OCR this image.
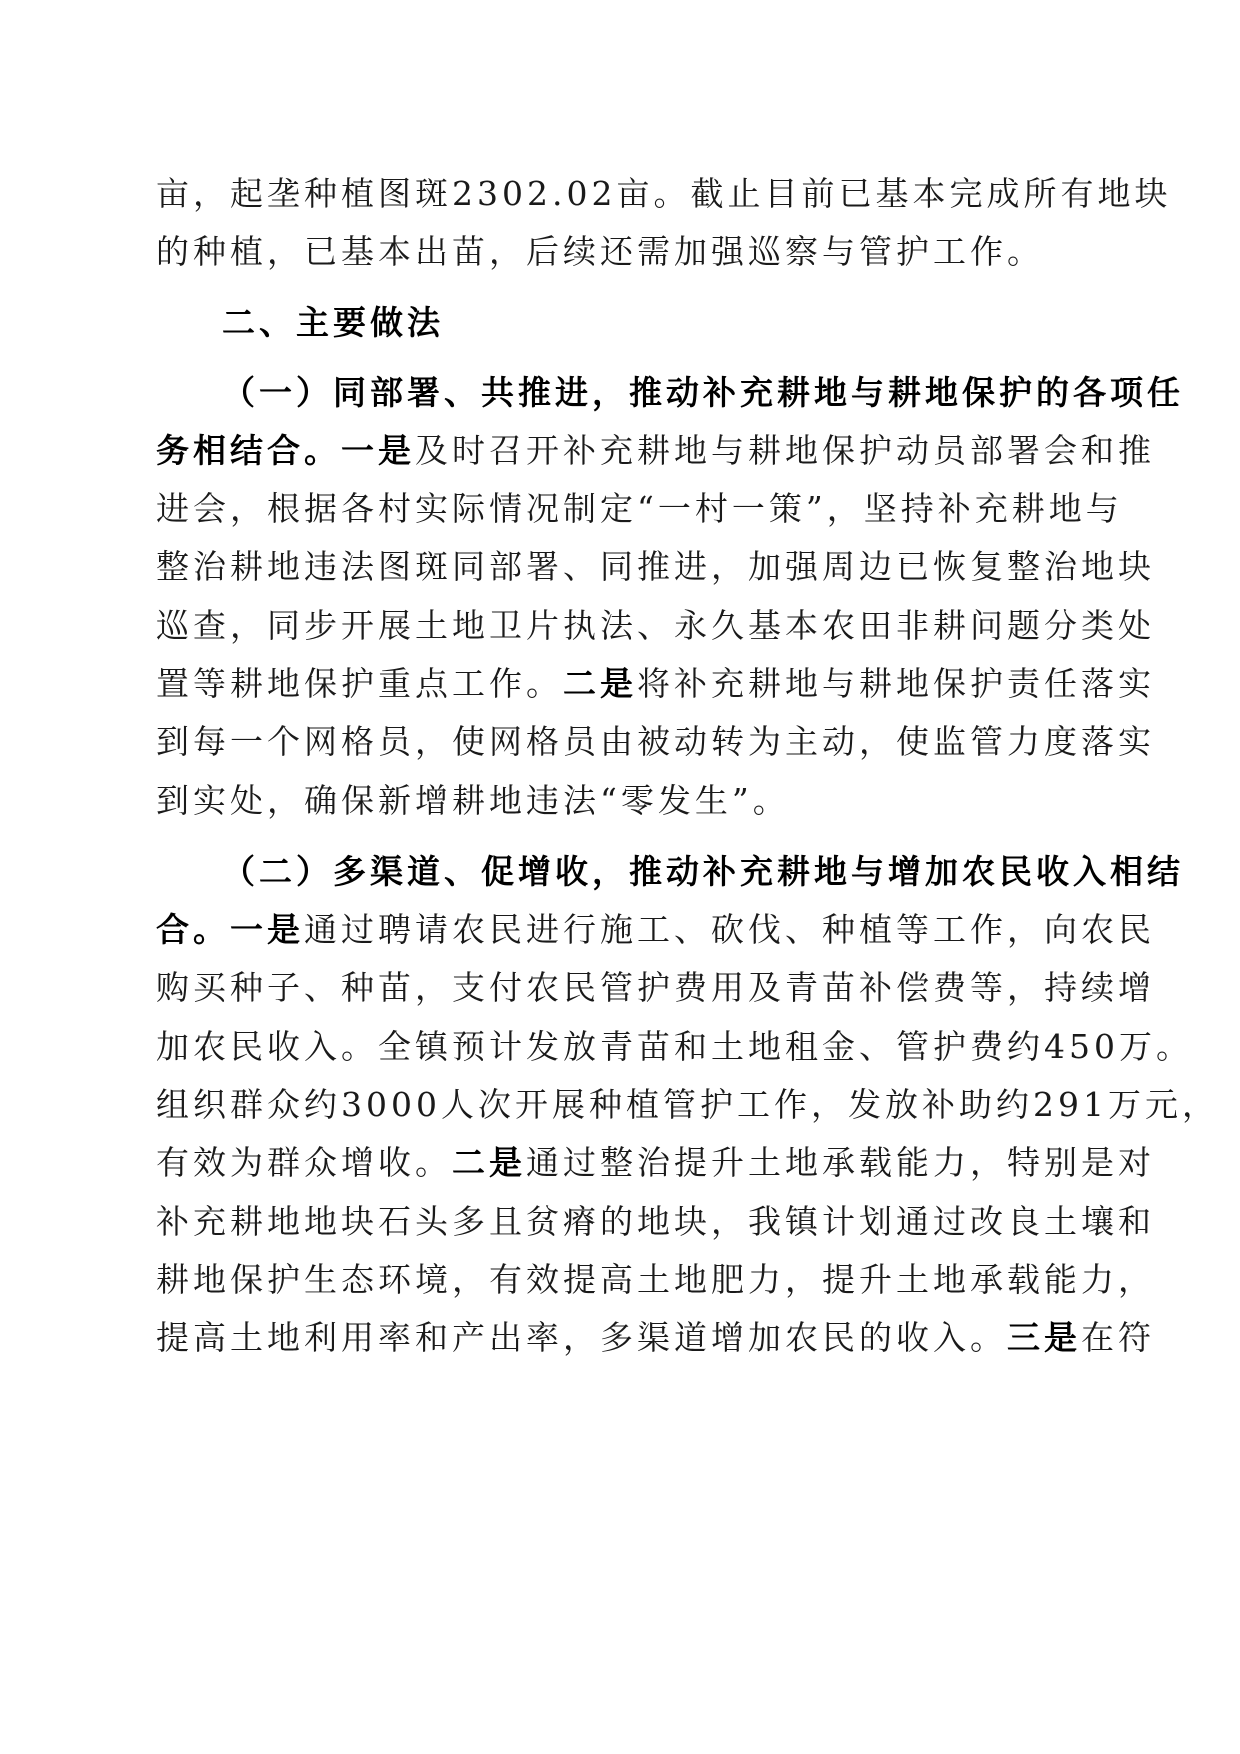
亩，起垄种植图斑2302.02亩。截止目前已基本完成所有地块
的种植，已基本出苗，后续还需加强巡察与管护工作。
二、主要做法
（一）同部署、共推进，推动补充耕地与耕地保护的各项任
务相结合。一是及时召开补充耕地与耕地保护动员部署会和推
进会，根据各村实际情况制定“一村一策”，坚持补充耕地与
整治耕地违法图斑同部署、同推进，加强周边已恢复整治地块
巡查，同步开展土地卫片执法、永久基本农田非耕问题分类处
置等耕地保护重点工作。二是将补充耕地与耕地保护责任落实
到每一个网格员，使网格员由被动转为主动，使监管力度落实
到实处，确保新增耕地违法“零发生”。
（二）多渠道、促增收，推动补充耕地与增加农民收入相结
合。一是通过聘请农民进行施工、砍伐、种植等工作，向农民
购买种子、种苗，支付农民管护费用及青苗补偿费等，持续增
加农民收入。全镇预计发放青苗和土地租金、管护费约450万。
组织群众约3000人次开展种植管护工作，发放补助约291万元，
有效为群众增收。二是通过整治提升土地承载能力，特别是对
补充耕地地块石头多且贫瘠的地块，我镇计划通过改良土壤和
耕地保护生态环境，有效提高土地肥力，提升土地承载能力，
提高土地利用率和产出率，多渠道增加农民的收入。三是在符
